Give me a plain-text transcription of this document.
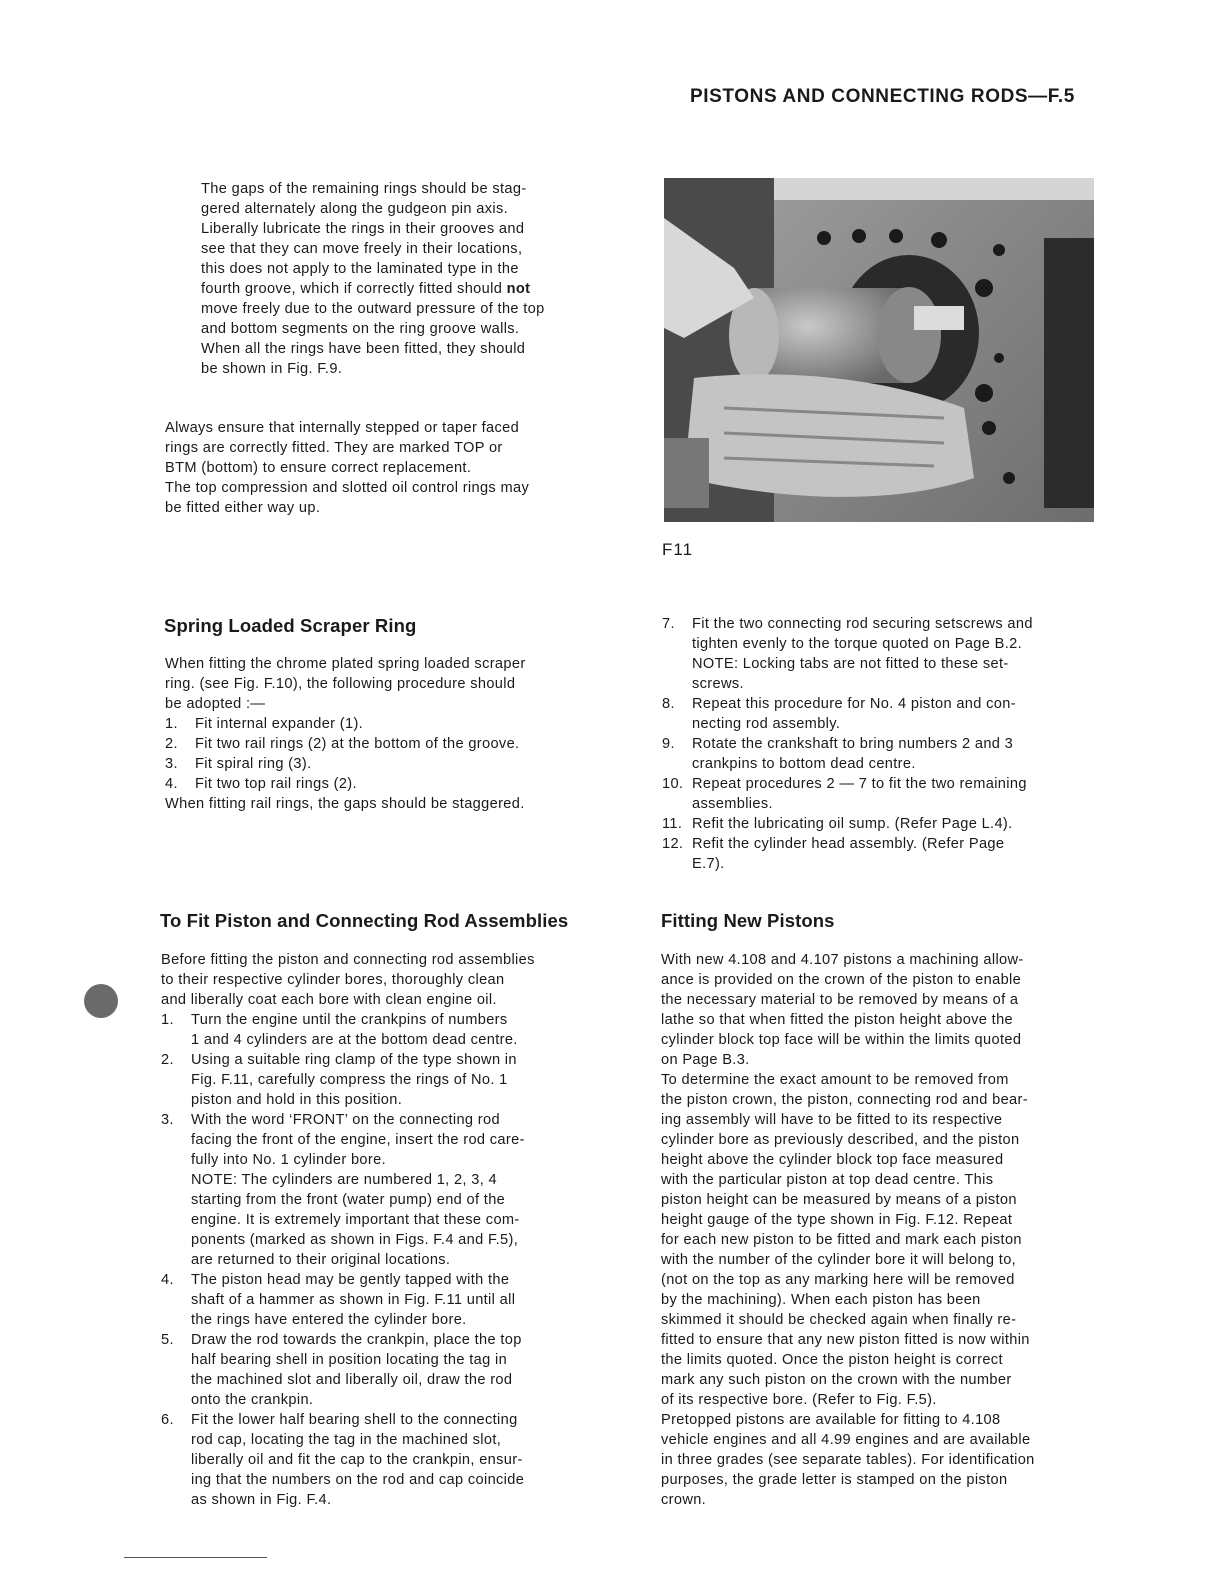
PISTONS AND CONNECTING RODS—F.5

The gaps of the remaining rings should be stag-

gered alternately along the gudgeon pin axis.

Liberally lubricate the rings in their grooves and

see that they can move freely in their locations,

this does not apply to the laminated type in the

fourth groove, which if correctly fitted should not

move freely due to the outward pressure of the top

and bottom segments on the ring groove walls.

When all the rings have been fitted, they should

be shown in Fig. F.9.

Always ensure that internally stepped or taper faced

rings are correctly fitted. They are marked TOP or

BTM (bottom) to ensure correct replacement.

The top compression and slotted oil control rings may

be fitted either way up.

F11
Spring Loaded Scraper Ring

When fitting the chrome plated spring loaded scraper

ring. (see Fig. F.10), the following procedure should

be adopted :—

1. Fit internal expander (1).
2. Fit two rail rings (2) at the bottom of the groove.
3. Fit spiral ring (3).
4. Fit two top rail rings (2).

When fitting rail rings, the gaps should be staggered.

7. Fit the two connecting rod securing setscrews and

tighten evenly to the torque quoted on Page B.2.

NOTE: Locking tabs are not fitted to these set-

screws.

8. Repeat this procedure for No. 4 piston and con-

necting rod assembly.

9. Rotate the crankshaft to bring numbers 2 and 3

crankpins to bottom dead centre.

10. Repeat procedures 2 — 7 to fit the two remaining

assemblies.

11. Refit the lubricating oil sump. (Refer Page L.4).

12. Refit the cylinder head assembly. (Refer Page

E.7).

To Fit Piston and Connecting Rod Assemblies

Before fitting the piston and connecting rod assemblies

to their respective cylinder bores, thoroughly clean

and liberally coat each bore with clean engine oil.

1. Turn the engine until the crankpins of numbers

1 and 4 cylinders are at the bottom dead centre.

2. Using a suitable ring clamp of the type shown in

Fig. F.11, carefully compress the rings of No. 1

piston and hold in this position.

3. With the word ‘FRONT’ on the connecting rod

facing the front of the engine, insert the rod care-

fully into No. 1 cylinder bore.

NOTE: The cylinders are numbered 1, 2, 3, 4

starting from the front (water pump) end of the

engine. It is extremely important that these com-

ponents (marked as shown in Figs. F.4 and F.5),

are returned to their original locations.

4. The piston head may be gently tapped with the

shaft of a hammer as shown in Fig. F.11 until all

the rings have entered the cylinder bore.

5. Draw the rod towards the crankpin, place the top

half bearing shell in position locating the tag in

the machined slot and liberally oil, draw the rod

onto the crankpin.

6. Fit the lower half bearing shell to the connecting

rod cap, locating the tag in the machined slot,

liberally oil and fit the cap to the crankpin, ensur-

ing that the numbers on the rod and cap coincide

as shown in Fig. F.4.

Fitting New Pistons

With new 4.108 and 4.107 pistons a machining allow-

ance is provided on the crown of the piston to enable

the necessary material to be removed by means of a

lathe so that when fitted the piston height above the

cylinder block top face will be within the limits quoted

on Page B.3.

To determine the exact amount to be removed from

the piston crown, the piston, connecting rod and bear-

ing assembly will have to be fitted to its respective

cylinder bore as previously described, and the piston

height above the cylinder block top face measured

with the particular piston at top dead centre. This

piston height can be measured by means of a piston

height gauge of the type shown in Fig. F.12. Repeat

for each new piston to be fitted and mark each piston

with the number of the cylinder bore it will belong to,

(not on the top as any marking here will be removed

by the machining). When each piston has been

skimmed it should be checked again when finally re-

fitted to ensure that any new piston fitted is now within

the limits quoted. Once the piston height is correct

mark any such piston on the crown with the number

of its respective bore. (Refer to Fig. F.5).

Pretopped pistons are available for fitting to 4.108

vehicle engines and all 4.99 engines and are available

in three grades (see separate tables). For identification

purposes, the grade letter is stamped on the piston

crown.
